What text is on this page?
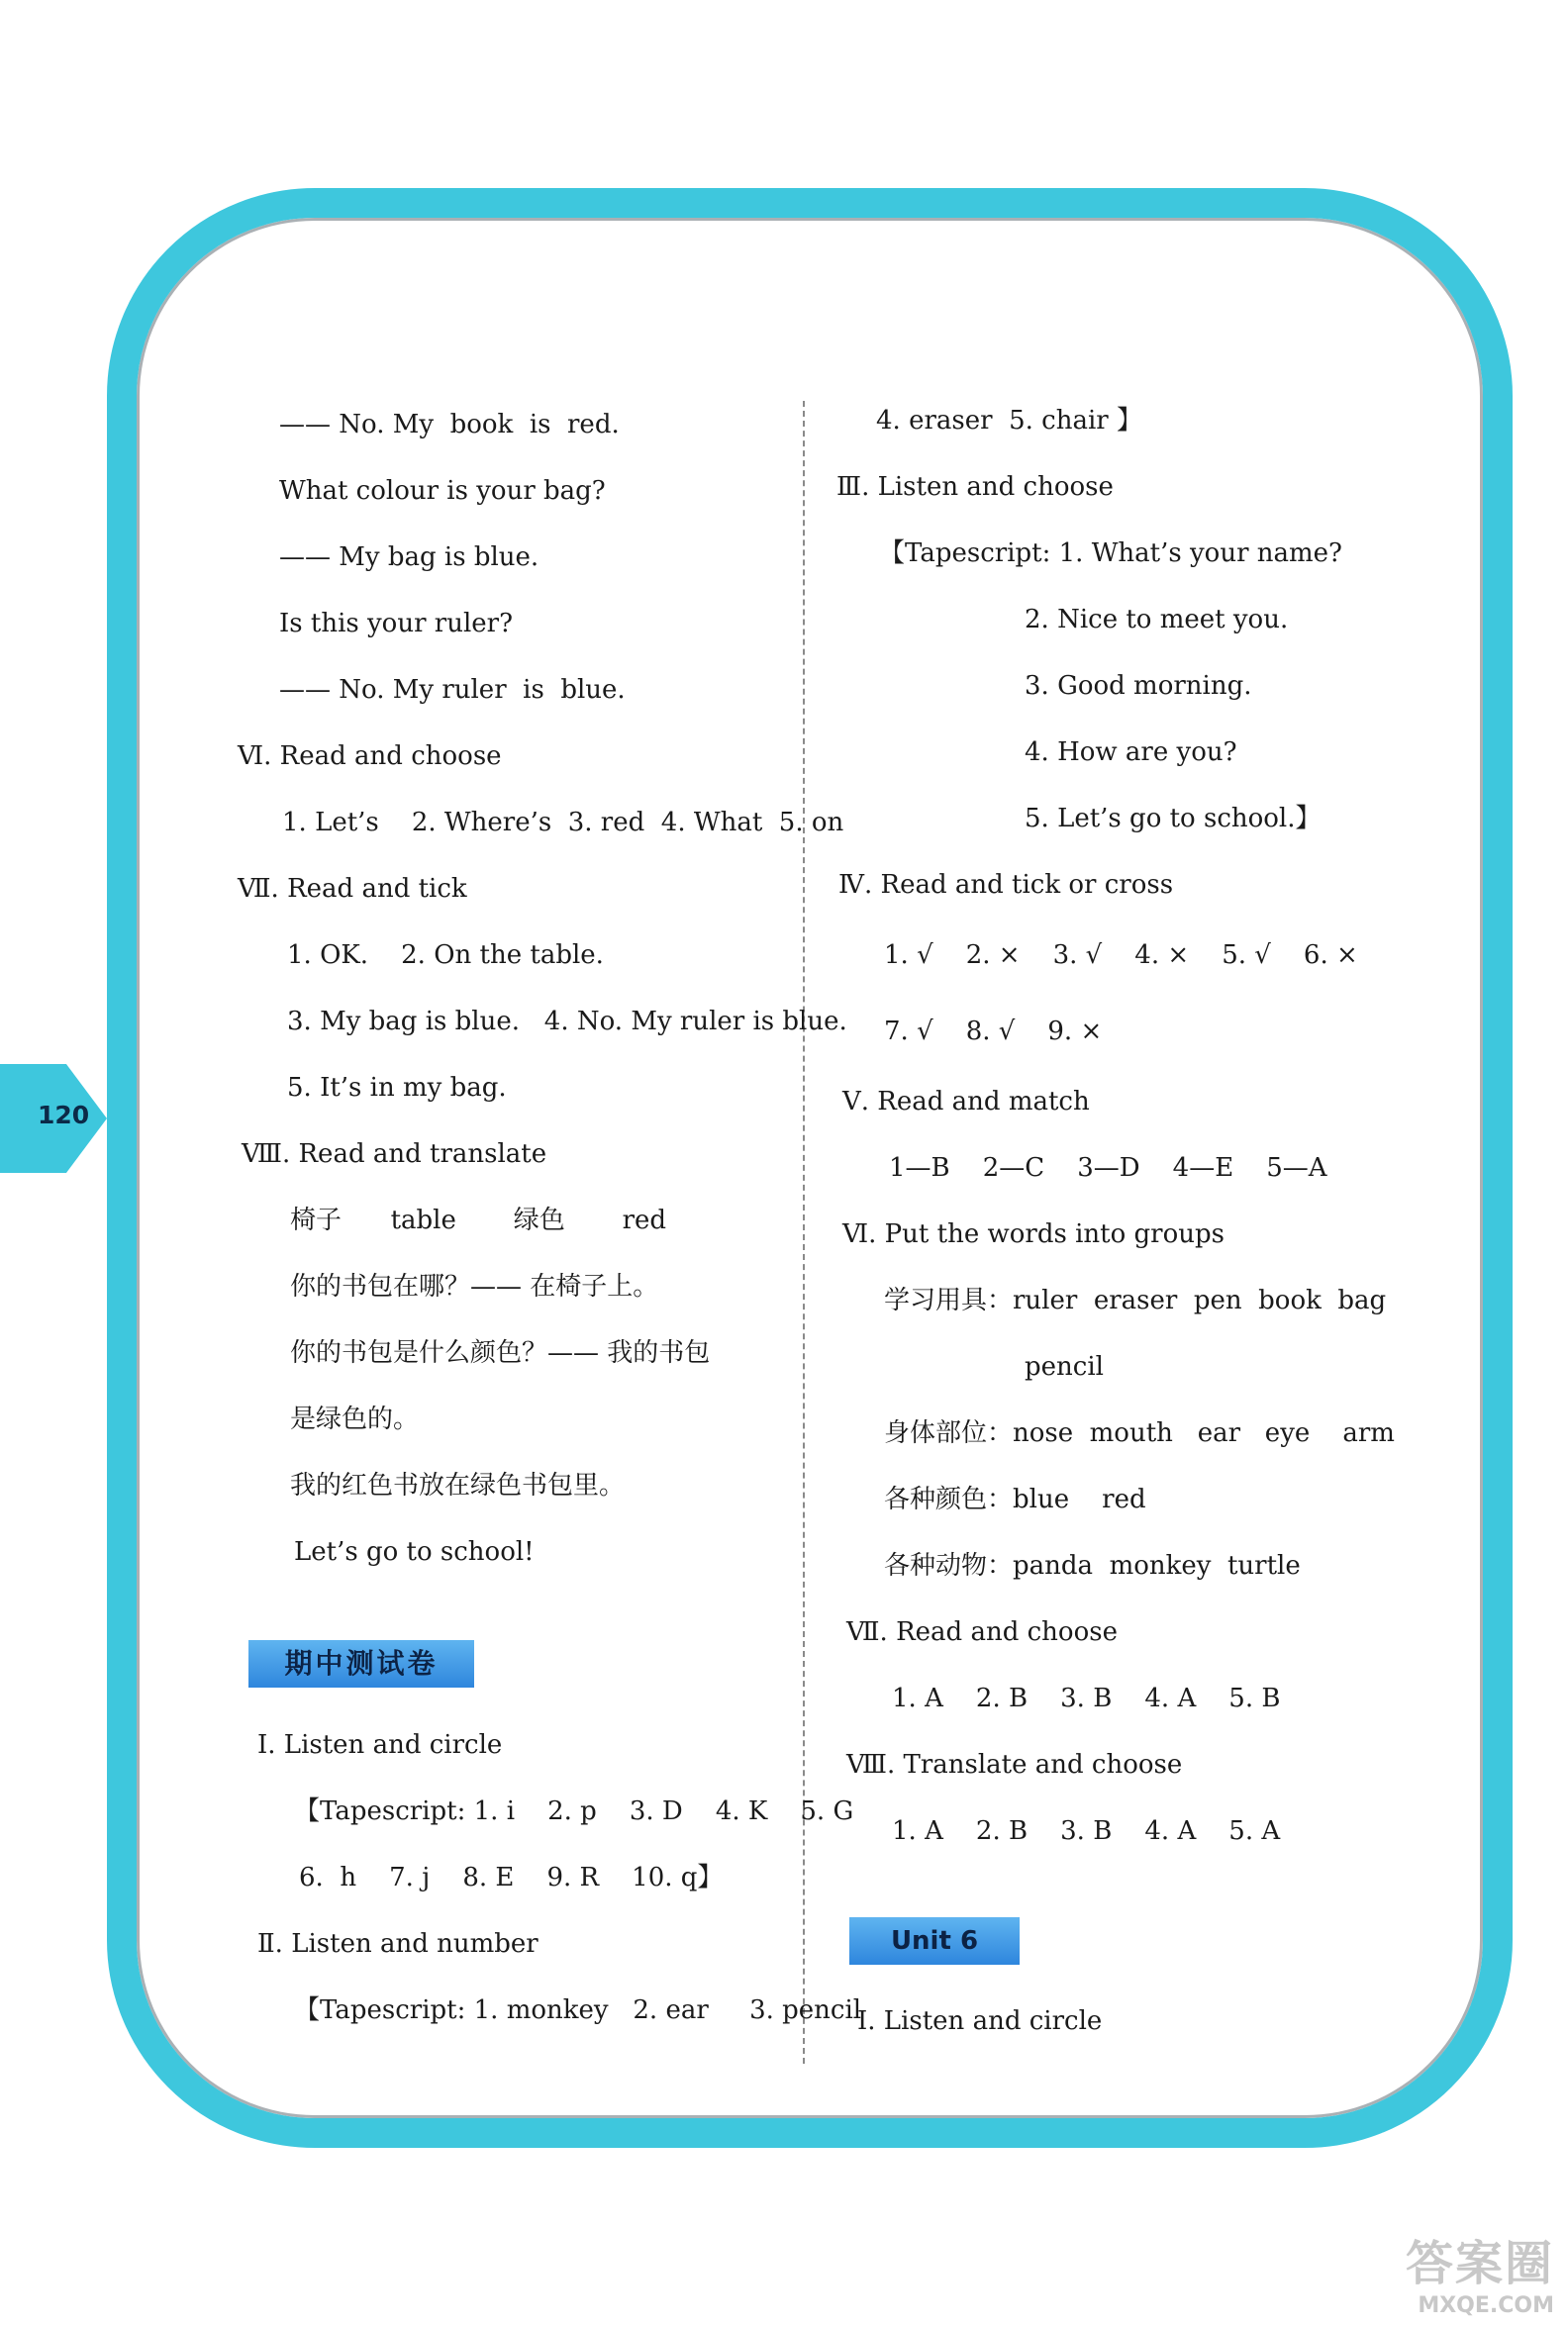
120
—— No. My  book  is  red.
What colour is your bag?
—— My bag is blue.
Is this your ruler?
—— No. My ruler  is  blue.
Ⅵ. Read and choose
1. Let’s    2. Where’s  3. red  4. What  5. on
Ⅶ. Read and tick
1. OK.    2. On the table.
3. My bag is blue.   4. No. My ruler is blue.
5. It’s in my bag.
Ⅷ. Read and translate
椅子      table       绿色       red
你的书包在哪？—— 在椅子上。
你的书包是什么颜色？—— 我的书包
是绿色的。
我的红色书放在绿色书包里。
Let’s go to school!
期中测试卷
Ⅰ. Listen and circle
【Tapescript: 1. i    2. p    3. D    4. K    5. G
6.  h    7. j    8. E    9. R    10. q】
Ⅱ. Listen and number
【Tapescript: 1. monkey   2. ear     3. pencil
4. eraser  5. chair 】
Ⅲ. Listen and choose
【Tapescript: 1. What’s your name?
2. Nice to meet you.
3. Good morning.
4. How are you?
5. Let’s go to school.】
Ⅳ. Read and tick or cross
1. √    2. ×    3. √    4. ×    5. √    6. ×
7. √    8. √    9. ×
Ⅴ. Read and match
1—B    2—C    3—D    4—E    5—A
Ⅵ. Put the words into groups
学习用具：ruler  eraser  pen  book  bag
pencil
身体部位：nose  mouth   ear   eye    arm
各种颜色：blue    red
各种动物：panda  monkey  turtle
Ⅶ. Read and choose
1. A    2. B    3. B    4. A    5. B
Ⅷ. Translate and choose
1. A    2. B    3. B    4. A    5. A
Unit 6
Ⅰ. Listen and circle
答案圈
MXQE.COM
